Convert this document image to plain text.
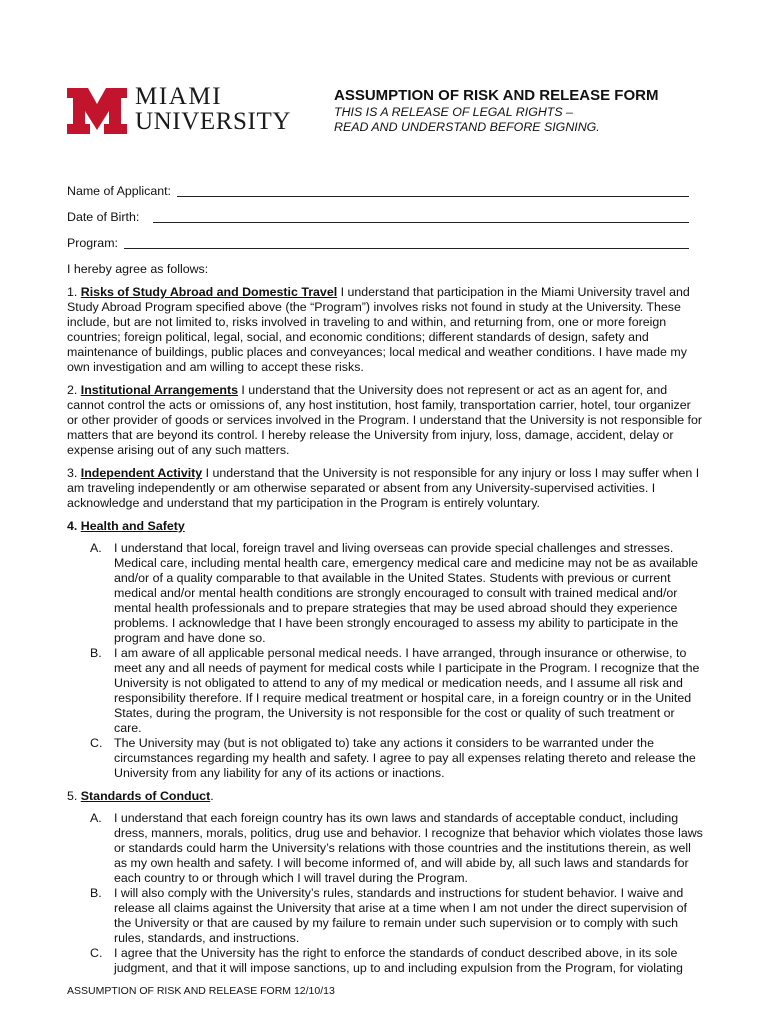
MIAMI
UNIVERSITY
ASSUMPTION OF RISK AND RELEASE FORM
THIS IS A RELEASE OF LEGAL RIGHTS –
READ AND UNDERSTAND BEFORE SIGNING.
Name of Applicant:
Date of Birth:
Program:

I hereby agree as follows:

1. Risks of Study Abroad and Domestic Travel I understand that participation in the Miami University travel and Study Abroad Program specified above (the “Program”) involves risks not found in study at the University. These include, but are not limited to, risks involved in traveling to and within, and returning from, one or more foreign countries; foreign political, legal, social, and economic conditions; different standards of design, safety and maintenance of buildings, public places and conveyances; local medical and weather conditions. I have made my own investigation and am willing to accept these risks.

2. Institutional Arrangements I understand that the University does not represent or act as an agent for, and cannot control the acts or omissions of, any host institution, host family, transportation carrier, hotel, tour organizer or other provider of goods or services involved in the Program. I understand that the University is not responsible for matters that are beyond its control. I hereby release the University from injury, loss, damage, accident, delay or expense arising out of any such matters.

3. Independent Activity I understand that the University is not responsible for any injury or loss I may suffer when I am traveling independently or am otherwise separated or absent from any University-supervised activities. I acknowledge and understand that my participation in the Program is entirely voluntary.

4. Health and Safety

A. I understand that local, foreign travel and living overseas can provide special challenges and stresses. Medical care, including mental health care, emergency medical care and medicine may not be as available and/or of a quality comparable to that available in the United States. Students with previous or current medical and/or mental health conditions are strongly encouraged to consult with trained medical and/or mental health professionals and to prepare strategies that may be used abroad should they experience problems. I acknowledge that I have been strongly encouraged to assess my ability to participate in the program and have done so.
B. I am aware of all applicable personal medical needs. I have arranged, through insurance or otherwise, to meet any and all needs of payment for medical costs while I participate in the Program. I recognize that the University is not obligated to attend to any of my medical or medication needs, and I assume all risk and responsibility therefore. If I require medical treatment or hospital care, in a foreign country or in the United States, during the program, the University is not responsible for the cost or quality of such treatment or care.
C. The University may (but is not obligated to) take any actions it considers to be warranted under the circumstances regarding my health and safety. I agree to pay all expenses relating thereto and release the University from any liability for any of its actions or inactions.

5. Standards of Conduct.

A. I understand that each foreign country has its own laws and standards of acceptable conduct, including dress, manners, morals, politics, drug use and behavior. I recognize that behavior which violates those laws or standards could harm the University’s relations with those countries and the institutions therein, as well as my own health and safety. I will become informed of, and will abide by, all such laws and standards for each country to or through which I will travel during the Program.
B. I will also comply with the University’s rules, standards and instructions for student behavior. I waive and release all claims against the University that arise at a time when I am not under the direct supervision of the University or that are caused by my failure to remain under such supervision or to comply with such rules, standards, and instructions.
C. I agree that the University has the right to enforce the standards of conduct described above, in its sole judgment, and that it will impose sanctions, up to and including expulsion from the Program, for violating
ASSUMPTION OF RISK AND RELEASE FORM 12/10/13
